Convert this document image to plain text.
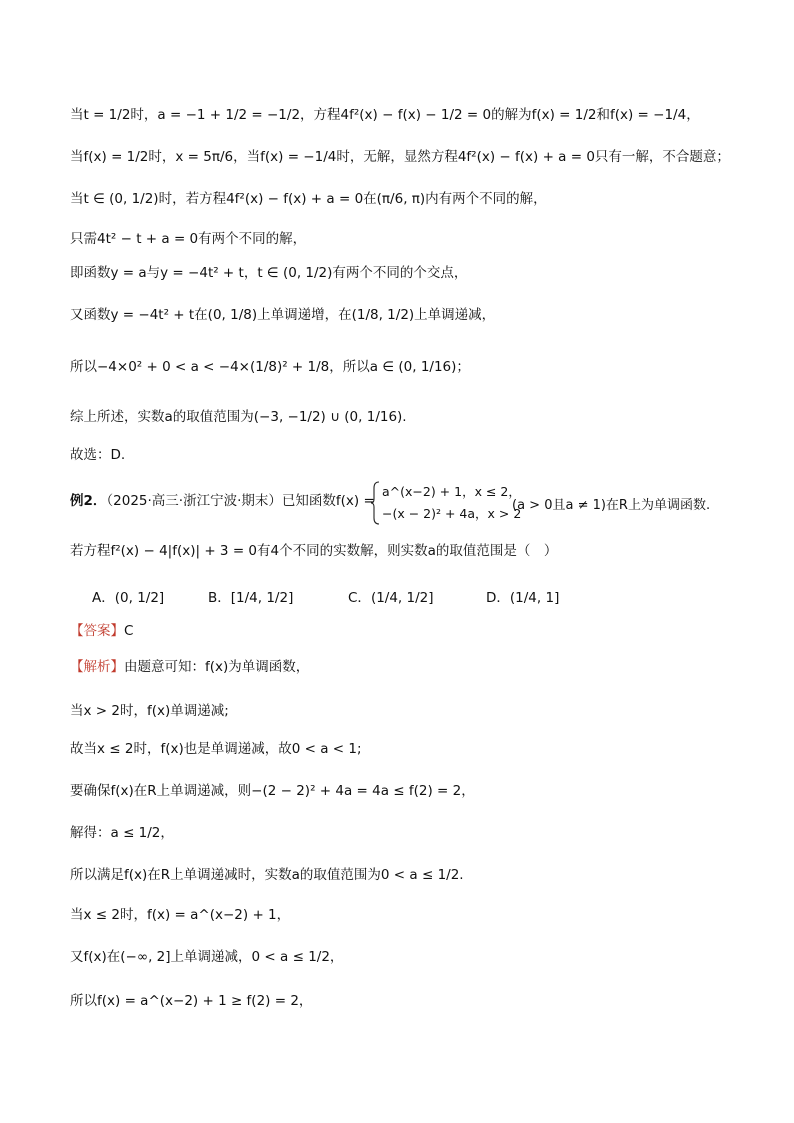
当t = 1/2时，a = −1 + 1/2 = −1/2，方程4f²(x) − f(x) − 1/2 = 0的解为f(x) = 1/2和f(x) = −1/4，
当f(x) = 1/2时，x = 5π/6，当f(x) = −1/4时，无解，显然方程4f²(x) − f(x) + a = 0只有一解，不合题意；
当t ∈ (0, 1/2)时，若方程4f²(x) − f(x) + a = 0在(π/6, π)内有两个不同的解，
只需4t² − t + a = 0有两个不同的解，
即函数y = a与y = −4t² + t，t ∈ (0, 1/2)有两个不同的个交点，
又函数y = −4t² + t在(0, 1/8)上单调递增，在(1/8, 1/2)上单调递减，
所以−4×0² + 0 < a < −4×(1/8)² + 1/8，所以a ∈ (0, 1/16)；
综上所述，实数a的取值范围为(−3, −1/2) ∪ (0, 1/16).
故选：D.
例2．（2025·高三·浙江宁波·期末）已知函数f(x) =
a^(x−2) + 1，x ≤ 2，
−(x − 2)² + 4a，x > 2
(a > 0且a ≠ 1)在R上为单调函数.
若方程f²(x) − 4|f(x)| + 3 = 0有4个不同的实数解，则实数a的取值范围是（　）
A．(0, 1/2]	B．[1/4, 1/2]	C．(1/4, 1/2]	D．(1/4, 1]
【答案】C
【解析】由题意可知：f(x)为单调函数，
当x > 2时，f(x)单调递减;
故当x ≤ 2时，f(x)也是单调递减，故0 < a < 1;
要确保f(x)在R上单调递减，则−(2 − 2)² + 4a = 4a ≤ f(2) = 2，
解得：a ≤ 1/2，
所以满足f(x)在R上单调递减时，实数a的取值范围为0 < a ≤ 1/2.
当x ≤ 2时，f(x) = a^(x−2) + 1，
又f(x)在(−∞, 2]上单调递减，0 < a ≤ 1/2，
所以f(x) = a^(x−2) + 1 ≥ f(2) = 2，
